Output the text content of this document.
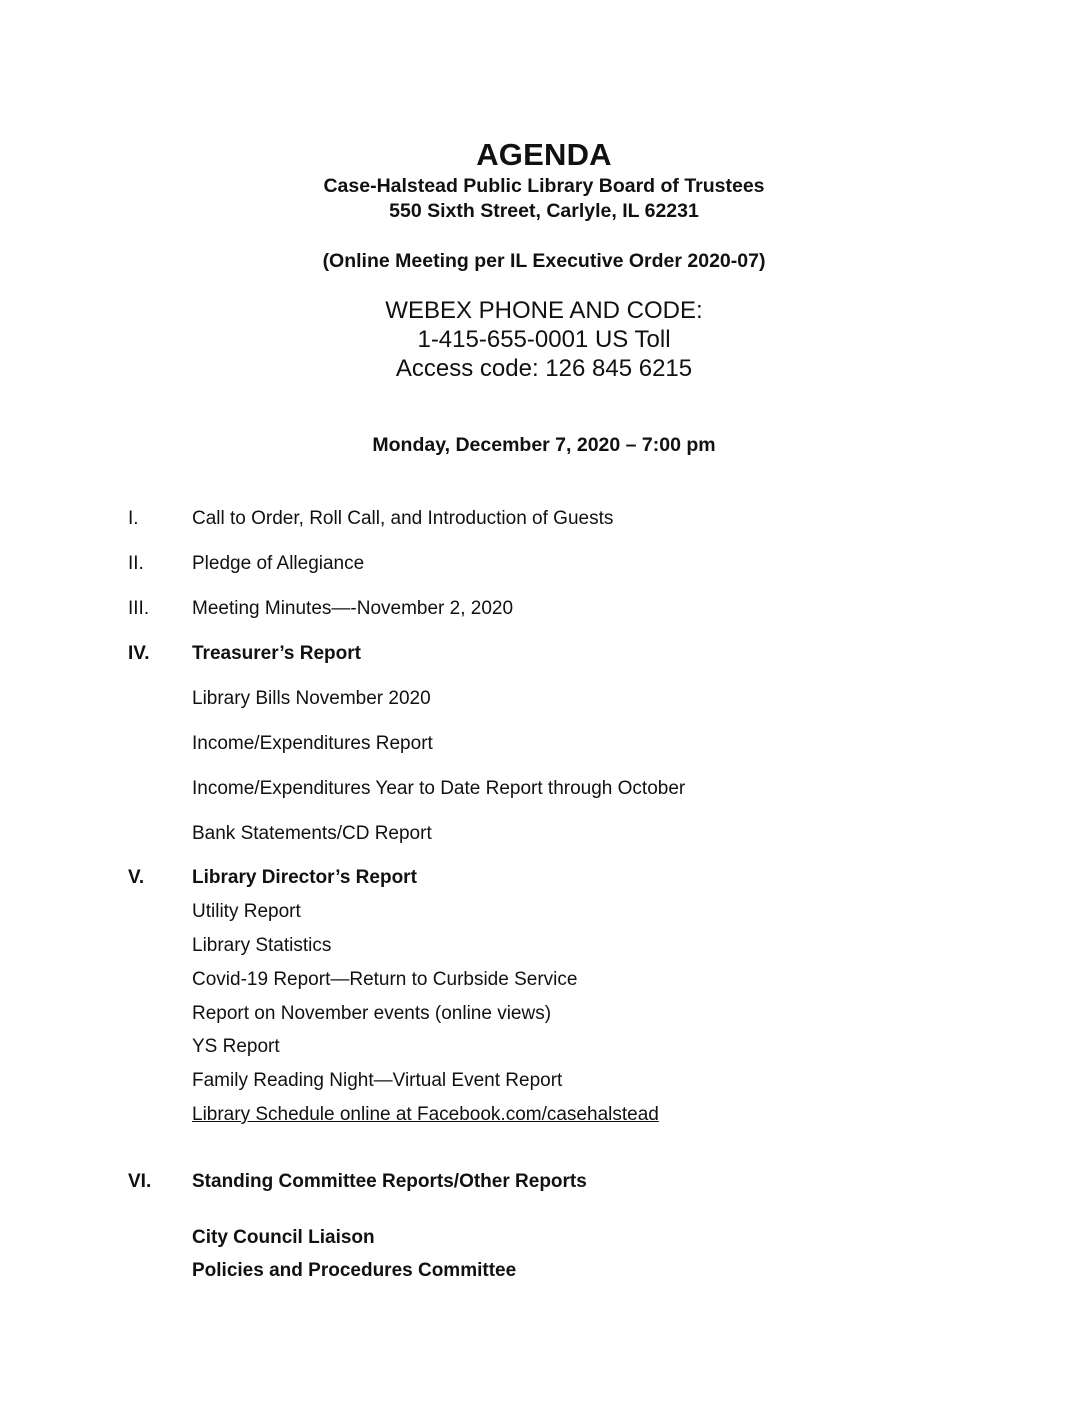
AGENDA
Case-Halstead Public Library Board of Trustees
550 Sixth Street, Carlyle, IL 62231
(Online Meeting per IL Executive Order 2020-07)
WEBEX PHONE AND CODE:
1-415-655-0001 US Toll
Access code: 126 845 6215
Monday, December 7, 2020 – 7:00 pm
I.	Call to Order, Roll Call, and Introduction of Guests
II.	Pledge of Allegiance
III. Meeting Minutes—-November 2, 2020
IV. Treasurer’s Report
Library Bills November 2020
Income/Expenditures Report
Income/Expenditures Year to Date Report through October
Bank Statements/CD Report
V.	Library Director’s Report
Utility Report
Library Statistics
Covid-19 Report—Return to Curbside Service
Report on November events (online views)
YS Report
Family Reading Night—Virtual Event Report
Library Schedule online at Facebook.com/casehalstead
VI. Standing Committee Reports/Other Reports
City Council Liaison
Policies and Procedures Committee
